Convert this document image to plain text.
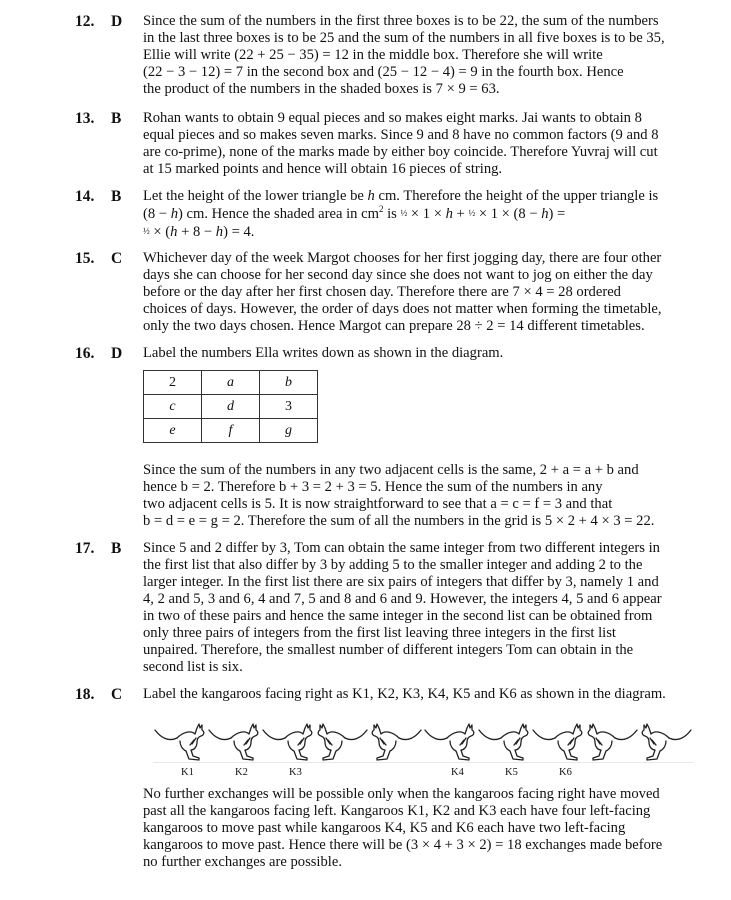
12. D Since the sum of the numbers in the first three boxes is to be 22, the sum of the numbers
in the last three boxes is to be 25 and the sum of the numbers in all five boxes is to be 35,
Ellie will write (22 + 25 − 35) = 12 in the middle box. Therefore she will write
(22 − 3 − 12) = 7 in the second box and (25 − 12 − 4) = 9 in the fourth box. Hence
the product of the numbers in the shaded boxes is 7 × 9 = 63.
13. B Rohan wants to obtain 9 equal pieces and so makes eight marks. Jai wants to obtain 8
equal pieces and so makes seven marks. Since 9 and 8 have no common factors (9 and 8
are co-prime), none of the marks made by either boy coincide. Therefore Yuvraj will cut
at 15 marked points and hence will obtain 16 pieces of string.
14. B Let the height of the lower triangle be h cm. Therefore the height of the upper triangle is
(8 − h) cm. Hence the shaded area in $cm^2$ is ½ × 1 × h + ½ × 1 × (8 − h) =
½ × (h + 8 − h) = 4.
15. C Whichever day of the week Margot chooses for her first jogging day, there are four other
days she can choose for her second day since she does not want to jog on either the day
before or the day after her first chosen day. Therefore there are 7 × 4 = 28 ordered
choices of days. However, the order of days does not matter when forming the timetable,
only the two days chosen. Hence Margot can prepare 28 ÷ 2 = 14 different timetables.
16. D Label the numbers Ella writes down as shown in the diagram.
2	a	b
c	d	3
e	f	g
Since the sum of the numbers in any two adjacent cells is the same, 2 + a = a + b and
hence b = 2. Therefore b + 3 = 2 + 3 = 5. Hence the sum of the numbers in any
two adjacent cells is 5. It is now straightforward to see that a = c = f = 3 and that
b = d = e = g = 2. Therefore the sum of all the numbers in the grid is 5 × 2 + 4 × 3 = 22.
17. B Since 5 and 2 differ by 3, Tom can obtain the same integer from two different integers in
the first list that also differ by 3 by adding 5 to the smaller integer and adding 2 to the
larger integer. In the first list there are six pairs of integers that differ by 3, namely 1 and
4, 2 and 5, 3 and 6, 4 and 7, 5 and 8 and 6 and 9. However, the integers 4, 5 and 6 appear
in two of these pairs and hence the same integer in the second list can be obtained from
only three pairs of integers from the first list leaving three integers in the first list
unpaired. Therefore, the smallest number of different integers Tom can obtain in the
second list is six.
18. C Label the kangaroos facing right as K1, K2, K3, K4, K5 and K6 as shown in the diagram.
K1	K2	K3	K4	K5	K6
No further exchanges will be possible only when the kangaroos facing right have moved
past all the kangaroos facing left. Kangaroos K1, K2 and K3 each have four left-facing
kangaroos to move past while kangaroos K4, K5 and K6 each have two left-facing
kangaroos to move past. Hence there will be (3 × 4 + 3 × 2) = 18 exchanges made before
no further exchanges are possible.
